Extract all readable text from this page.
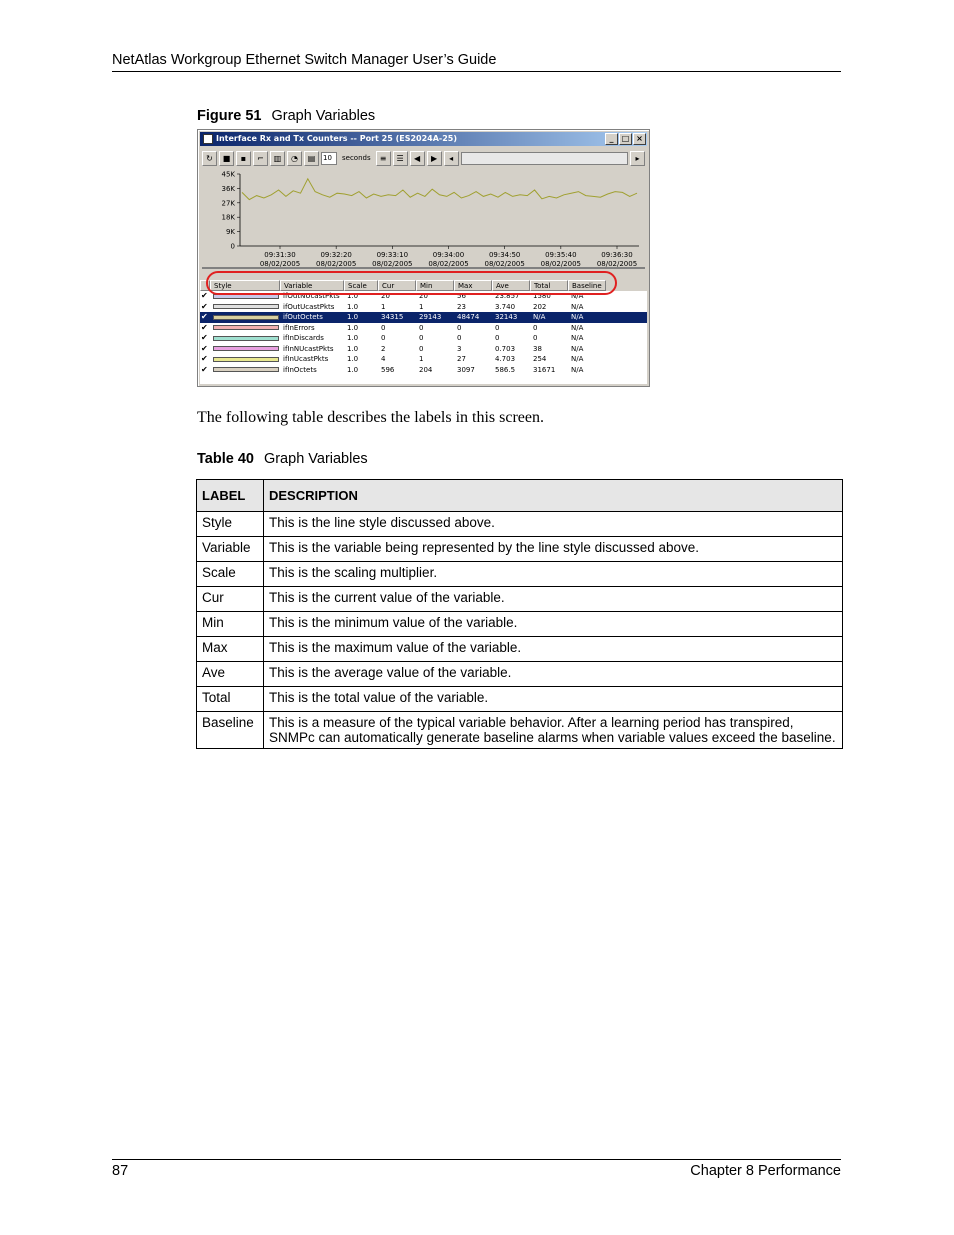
NetAtlas Workgroup Ethernet Switch Manager User’s Guide
Figure 51 Graph Variables
Interface Rx and Tx Counters -- Port 25 (ES2024A-25)	_	□ ×
↻	■	▪	⌐	▥	◔	▤	10	seconds	≡	☰	◀	▶	◂	▸
45K
36K
27K
18K
9K
0
09:31:30
08/02/2005
09:32:20
08/02/2005
09:33:10
08/02/2005
09:34:00
08/02/2005
09:34:50
08/02/2005
09:35:40
08/02/2005
09:36:30
08/02/2005
Style	Variable	Scale	Cur	Min	Max	Ave	Total	Baseline
✔	ifOutNUcastPkts	1.0	20	20	56	23.857	1580	N/A
✔	ifOutUcastPkts	1.0	1	1	23	3.740	202	N/A
✔	ifOutOctets	1.0	34315	29143	48474	32143	N/A	N/A
✔	ifInErrors	1.0	0	0	0	0	0	N/A
✔	ifInDiscards	1.0	0	0	0	0	0	N/A
✔	ifInNUcastPkts	1.0	2	0	3	0.703	38	N/A
✔	ifInUcastPkts	1.0	4	1	27	4.703	254	N/A
✔	ifInOctets	1.0	596	204	3097	586.5	31671	N/A
The following table describes the labels in this screen.
Table 40 Graph Variables
LABEL	DESCRIPTION
Style	This is the line style discussed above.
Variable	This is the variable being represented by the line style discussed above.
Scale	This is the scaling multiplier.
Cur	This is the current value of the variable.
Min	This is the minimum value of the variable.
Max	This is the maximum value of the variable.
Ave	This is the average value of the variable.
Total	This is the total value of the variable.
Baseline	This is a measure of the typical variable behavior. After a learning period has transpired, SNMPc can automatically generate baseline alarms when variable values exceed the baseline.
87	Chapter 8 Performance
